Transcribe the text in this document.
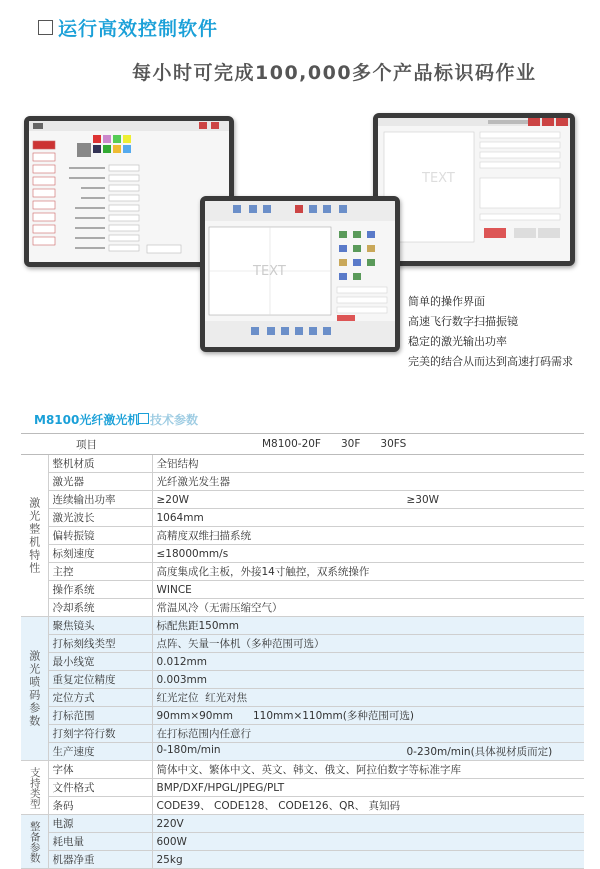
运行高效控制软件
每小时可完成100,000多个产品标识码作业
TEXT
TEXT
简单的操作界面
高速飞行数字扫描振镜
稳定的激光输出功率
完美的结合从而达到高速打码需求
M8100光纤激光机 技术参数
项目		M8100-20F      30F      30FS
激光整机特性	整机材质	全铝结构
	激光器	光纤激光发生器
	连续输出功率	≥20W ≥30W

	激光波长	1064mm
	偏转振镜	高精度双维扫描系统
	标刻速度	≤18000mm/s
	主控	高度集成化主板，外接14寸触控，双系统操作
	操作系统	WINCE
	冷却系统	常温风冷（无需压缩空气）
激光喷码参数	聚焦镜头	标配焦距150mm
	打标刻线类型	点阵、矢量一体机（多种范围可选）
	最小线宽	0.012mm
	重复定位精度	0.003mm
	定位方式	红光定位  红光对焦
	打标范围	90mm×90mm      110mm×110mm(多种范围可选)
	打刻字符行数	在打标范围内任意行
	生产速度	0-180m/min 0-230m/min(具体视材质而定)

支持类型	字体	简体中文、繁体中文、英文、韩文、俄文、阿拉伯数字等标准字库
	文件格式	BMP/DXF/HPGL/JPEG/PLT
	条码	CODE39、 CODE128、 CODE126、QR、 真知码
整备参数	电源	220V
	耗电量	600W
	机器净重	25kg
